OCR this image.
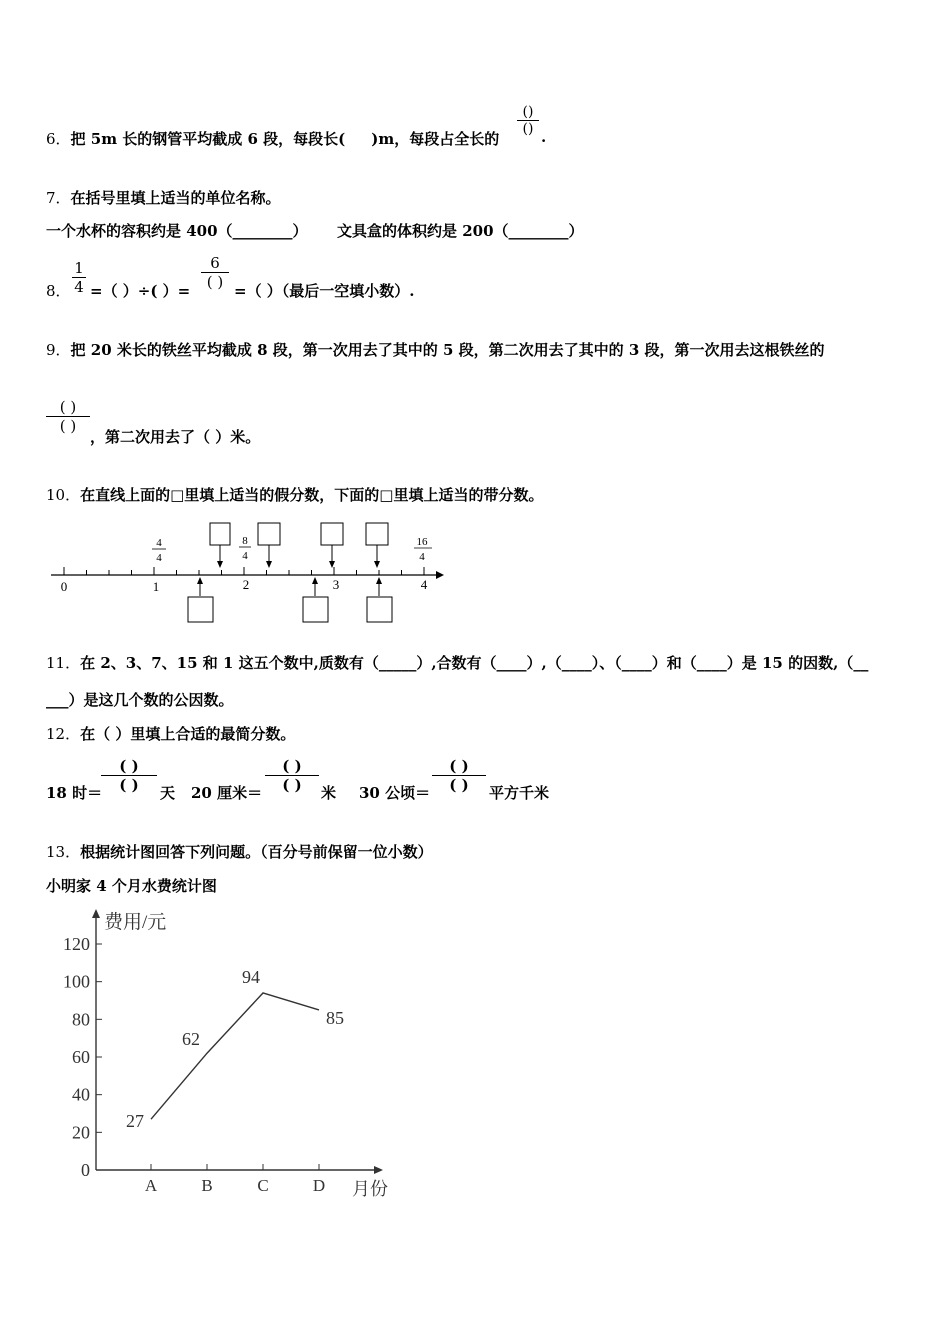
6．把 5m 长的钢管平均截成 6 段，每段长( )m，每段占全长的
()
() .
7．在括号里填上适当的单位名称。
一个水杯的容积约是 400（________） 文具盒的体积约是 200（________）
8．
1
4 =（ ）÷( ）=
6
( ) =（ ）（最后一空填小数）.
9．把 20 米长的铁丝平均截成 8 段，第一次用去了其中的 5 段，第二次用去了其中的 3 段，第一次用去这根铁丝的
( )
( )
，第二次用去了（ ）米。
10．在直线上面的□里填上适当的假分数，下面的□里填上适当的带分数。
0	1	2	3	4
4
4
8
4
16
4
11．在 2、3、7、15 和 1 这五个数中,质数有（_____）,合数有（____）,（____）、（____）和（____）是 15 的因数,（__
___）是这几个数的公因数。
12．在（ ）里填上合适的最简分数。
18 时＝
( )
( )	天 20 厘米＝
( )
( )	米 30 公顷＝
( )
( )	平方千米
13．根据统计图回答下列问题。（百分号前保留一位小数）
小明家 4 个月水费统计图
费用/元
月份
0
20
40
60
80
100
120
A	B	C	D
27
62
94
85
